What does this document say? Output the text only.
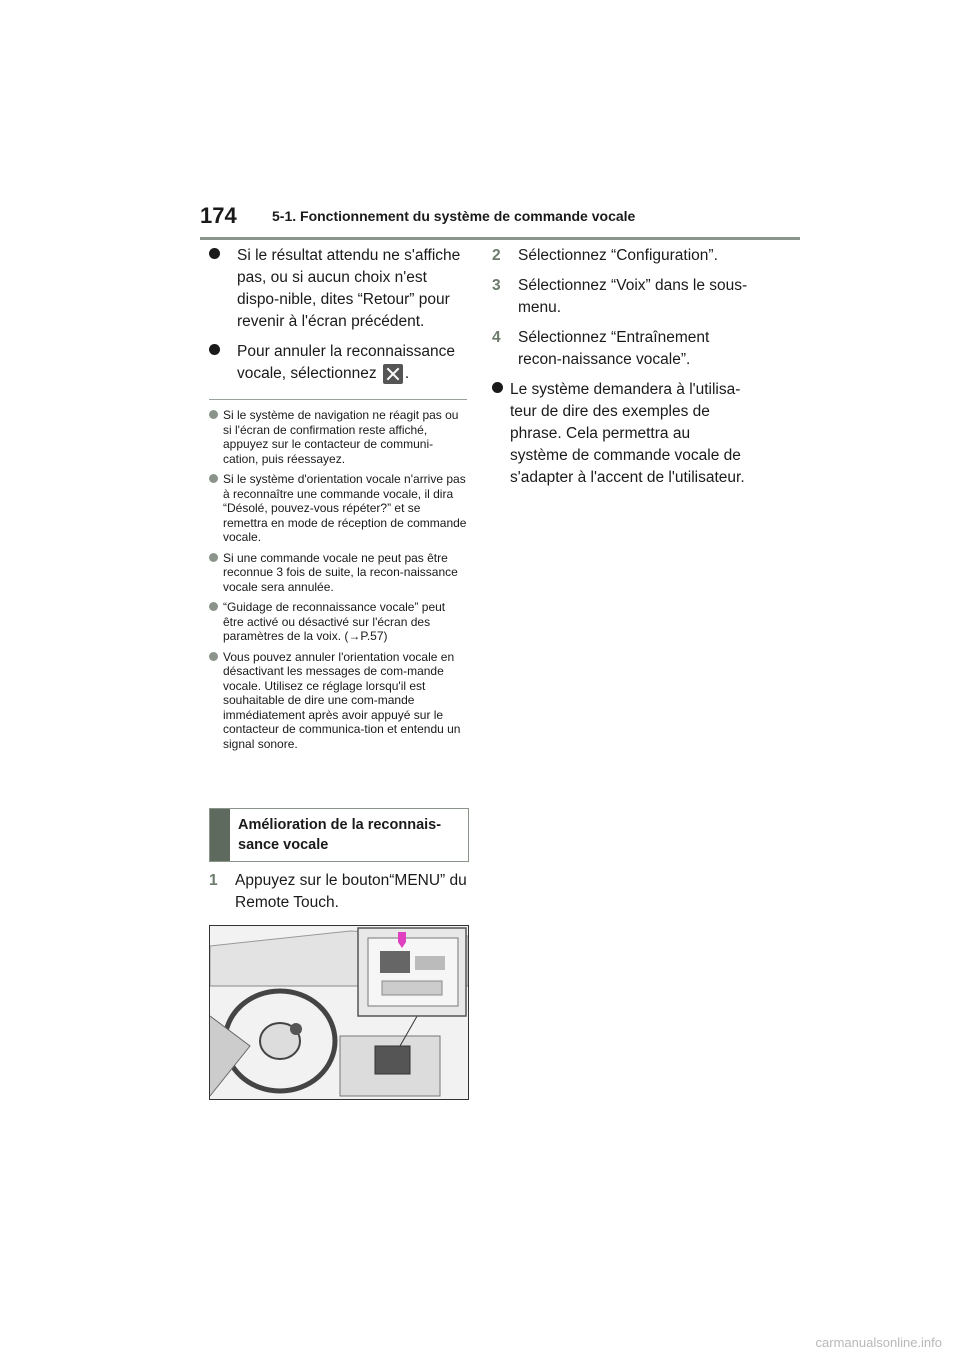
174	5-1. Fonctionnement du système de commande vocale
Si le résultat attendu ne s'affiche pas, ou si aucun choix n'est dispo-nible, dites “Retour” pour revenir à l'écran précédent.
Pour annuler la reconnaissance vocale, sélectionnez .
Si le système de navigation ne réagit pas ou si l'écran de confirmation reste affiché, appuyez sur le contacteur de communi-cation, puis réessayez.
Si le système d'orientation vocale n'arrive pas à reconnaître une commande vocale, il dira “Désolé, pouvez-vous répéter?” et se remettra en mode de réception de commande vocale.
Si une commande vocale ne peut pas être reconnue 3 fois de suite, la recon-naissance vocale sera annulée.
“Guidage de reconnaissance vocale” peut être activé ou désactivé sur l'écran des paramètres de la voix. (→P.57)
Vous pouvez annuler l'orientation vocale en désactivant les messages de com-mande vocale. Utilisez ce réglage lorsqu'il est souhaitable de dire une com-mande immédiatement après avoir appuyé sur le contacteur de communica-tion et entendu un signal sonore.
Amélioration de la reconnais-sance vocale
1 Appuyez sur le bouton“MENU” du Remote Touch.
2 Sélectionnez “Configuration”.
3 Sélectionnez “Voix” dans le sous-menu.
4 Sélectionnez “Entraînement recon-naissance vocale”.
Le système demandera à l'utilisa-teur de dire des exemples de phrase. Cela permettra au système de commande vocale de s'adapter à l'accent de l'utilisateur.
carmanualsonline.info
